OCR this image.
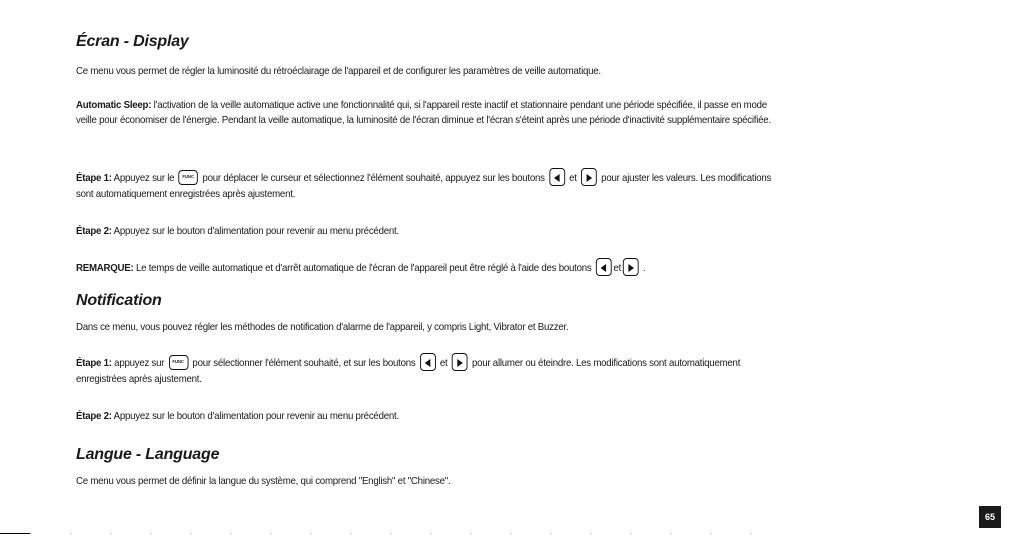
Écran - Display

Ce menu vous permet de régler la luminosité du rétroéclairage de l'appareil et de configurer les paramètres de veille automatique.

Automatic Sleep: l'activation de la veille automatique active une fonctionnalité qui, si l'appareil reste inactif et stationnaire pendant une période spécifiée, il passe en mode

veille pour économiser de l'énergie. Pendant la veille automatique, la luminosité de l'écran diminue et l'écran s'éteint après une période d'inactivité supplémentaire spécifiée.

Étape 1: Appuyez sur le FUNC pour déplacer le curseur et sélectionnez l'élément souhaité, appuyez sur les boutons
et
pour ajuster les valeurs. Les modifications

sont automatiquement enregistrées après ajustement.

Étape 2: Appuyez sur le bouton d'alimentation pour revenir au menu précédent.

REMARQUE: Le temps de veille automatique et d'arrêt automatique de l'écran de l'appareil peut être réglé à l'aide des boutons
et
.

Notification

Dans ce menu, vous pouvez régler les méthodes de notification d'alarme de l'appareil, y compris Light, Vibrator et Buzzer.

Étape 1: appuyez sur FUNC pour sélectionner l'élément souhaité, et sur les boutons
et
pour allumer ou éteindre. Les modifications sont automatiquement

enregistrées après ajustement.

Étape 2: Appuyez sur le bouton d'alimentation pour revenir au menu précédent.

Langue - Language

Ce menu vous permet de définir la langue du système, qui comprend "English" et "Chinese".

65
